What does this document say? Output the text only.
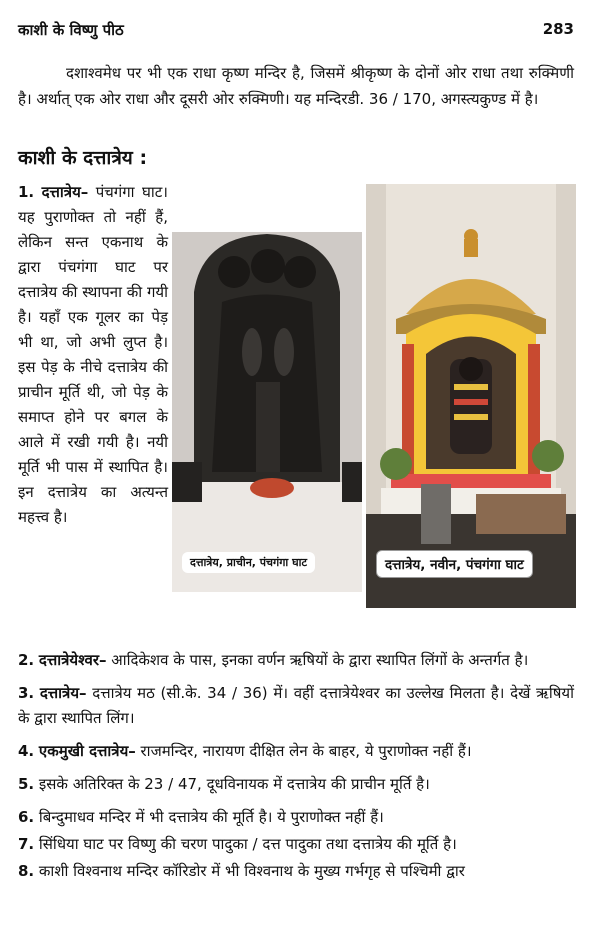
काशी के विष्णु पीठ	283

दशाश्वमेध पर भी एक राधा कृष्ण मन्दिर है, जिसमें श्रीकृष्ण के दोनों ओर राधा तथा रुक्मिणी है। अर्थात् एक ओर राधा और दूसरी ओर रुक्मिणी। यह मन्दिरडी. 36 / 170, अगस्त्यकुण्ड में है।

काशी के दत्तात्रेय :

1. दत्तात्रेय– पंचगंगा घाट। यह पुराणोक्त तो नहीं हैं, लेकिन सन्त एकनाथ के द्वारा पंचगंगा घाट पर दत्तात्रेय की स्थापना की गयी है। यहाँ एक गूलर का पेड़ भी था, जो अभी लुप्त है। इस पेड़ के नीचे दत्तात्रेय की प्राचीन मूर्ति थी, जो पेड़ के समाप्त होने पर बगल के आले में रखी गयी है। नयी मूर्ति भी पास में स्थापित है। इन दत्तात्रेय का अत्यन्त महत्त्व है।

दत्तात्रेय, प्राचीन, पंचगंगा घाट	दत्तात्रेय, नवीन, पंचगंगा घाट
2. दत्तात्रेयेश्वर– आदिकेशव के पास, इनका वर्णन ऋषियों के द्वारा स्थापित लिंगों के अन्तर्गत है।
3. दत्तात्रेय– दत्तात्रेय मठ (सी.के. 34 / 36) में। वहीं दत्तात्रेयेश्वर का उल्लेख मिलता है। देखें ऋषियों के द्वारा स्थापित लिंग।
4. एकमुखी दत्तात्रेय– राजमन्दिर, नारायण दीक्षित लेन के बाहर, ये पुराणोक्त नहीं हैं।
5. इसके अतिरिक्त के 23 / 47, दूधविनायक में दत्तात्रेय की प्राचीन मूर्ति है।
6. बिन्दुमाधव मन्दिर में भी दत्तात्रेय की मूर्ति है। ये पुराणोक्त नहीं हैं।
7. सिंधिया घाट पर विष्णु की चरण पादुका / दत्त पादुका तथा दत्तात्रेय की मूर्ति है।
8. काशी विश्वनाथ मन्दिर कॉरिडोर में भी विश्वनाथ के मुख्य गर्भगृह से पश्चिमी द्वार
